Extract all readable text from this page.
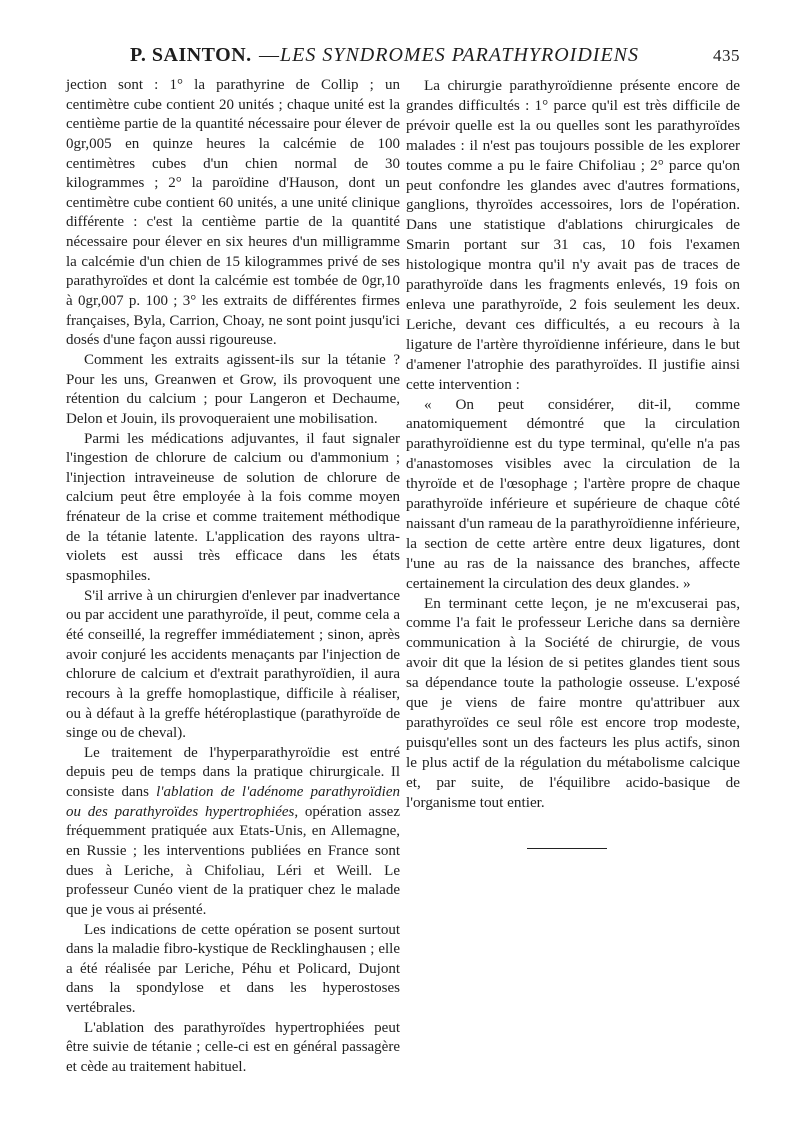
P. SAINTON. — LES SYNDROMES PARATHYROIDIENS	435

jection sont : 1° la parathyrine de Collip ; un centimètre cube contient 20 unités ; chaque unité est la centième partie de la quantité nécessaire pour élever de 0gr,005 en quinze heures la calcémie de 100 centimètres cubes d'un chien normal de 30 kilogrammes ; 2° la paroïdine d'Hauson, dont un centimètre cube contient 60 unités, a une unité clinique différente : c'est la centième partie de la quantité nécessaire pour élever en six heures d'un milligramme la calcémie d'un chien de 15 kilogrammes privé de ses parathyroïdes et dont la calcémie est tombée de 0gr,10 à 0gr,007 p. 100 ; 3° les extraits de différentes firmes françaises, Byla, Carrion, Choay, ne sont point jusqu'ici dosés d'une façon aussi rigoureuse.

Comment les extraits agissent-ils sur la tétanie ? Pour les uns, Greanwen et Grow, ils provoquent une rétention du calcium ; pour Langeron et Dechaume, Delon et Jouin, ils provoqueraient une mobilisation.

Parmi les médications adjuvantes, il faut signaler l'ingestion de chlorure de calcium ou d'ammonium ; l'injection intraveineuse de solution de chlorure de calcium peut être employée à la fois comme moyen frénateur de la crise et comme traitement méthodique de la tétanie latente. L'application des rayons ultra-violets est aussi très efficace dans les états spasmophiles.

S'il arrive à un chirurgien d'enlever par inadvertance ou par accident une parathyroïde, il peut, comme cela a été conseillé, la regreffer immédiatement ; sinon, après avoir conjuré les accidents menaçants par l'injection de chlorure de calcium et d'extrait parathyroïdien, il aura recours à la greffe homoplastique, difficile à réaliser, ou à défaut à la greffe hétéroplastique (parathyroïde de singe ou de cheval).

Le traitement de l'hyperparathyroïdie est entré depuis peu de temps dans la pratique chirurgicale. Il consiste dans l'ablation de l'adénome parathyroïdien ou des parathyroïdes hypertrophiées, opération assez fréquemment pratiquée aux Etats-Unis, en Allemagne, en Russie ; les interventions publiées en France sont dues à Leriche, à Chifoliau, Léri et Weill. Le professeur Cunéo vient de la pratiquer chez le malade que je vous ai présenté.

Les indications de cette opération se posent surtout dans la maladie fibro-kystique de Recklinghausen ; elle a été réalisée par Leriche, Péhu et Policard, Dujont dans la spondylose et dans les hyperostoses vertébrales.

L'ablation des parathyroïdes hypertrophiées peut être suivie de tétanie ; celle-ci est en général passagère et cède au traitement habituel.

La chirurgie parathyroïdienne présente encore de grandes difficultés : 1° parce qu'il est très difficile de prévoir quelle est la ou quelles sont les parathyroïdes malades : il n'est pas toujours possible de les explorer toutes comme a pu le faire Chifoliau ; 2° parce qu'on peut confondre les glandes avec d'autres formations, ganglions, thyroïdes accessoires, lors de l'opération. Dans une statistique d'ablations chirurgicales de Smarin portant sur 31 cas, 10 fois l'examen histologique montra qu'il n'y avait pas de traces de parathyroïde dans les fragments enlevés, 19 fois on enleva une parathyroïde, 2 fois seulement les deux. Leriche, devant ces difficultés, a eu recours à la ligature de l'artère thyroïdienne inférieure, dans le but d'amener l'atrophie des parathyroïdes. Il justifie ainsi cette intervention :

« On peut considérer, dit-il, comme anatomiquement démontré que la circulation parathyroïdienne est du type terminal, qu'elle n'a pas d'anastomoses visibles avec la circulation de la thyroïde et de l'œsophage ; l'artère propre de chaque parathyroïde inférieure et supérieure de chaque côté naissant d'un rameau de la parathyroïdienne inférieure, la section de cette artère entre deux ligatures, dont l'une au ras de la naissance des branches, affecte certainement la circulation des deux glandes. »

En terminant cette leçon, je ne m'excuserai pas, comme l'a fait le professeur Leriche dans sa dernière communication à la Société de chirurgie, de vous avoir dit que la lésion de si petites glandes tient sous sa dépendance toute la pathologie osseuse. L'exposé que je viens de faire montre qu'attribuer aux parathyroïdes ce seul rôle est encore trop modeste, puisqu'elles sont un des facteurs les plus actifs, sinon le plus actif de la régulation du métabolisme calcique et, par suite, de l'équilibre acido-basique de l'organisme tout entier.
